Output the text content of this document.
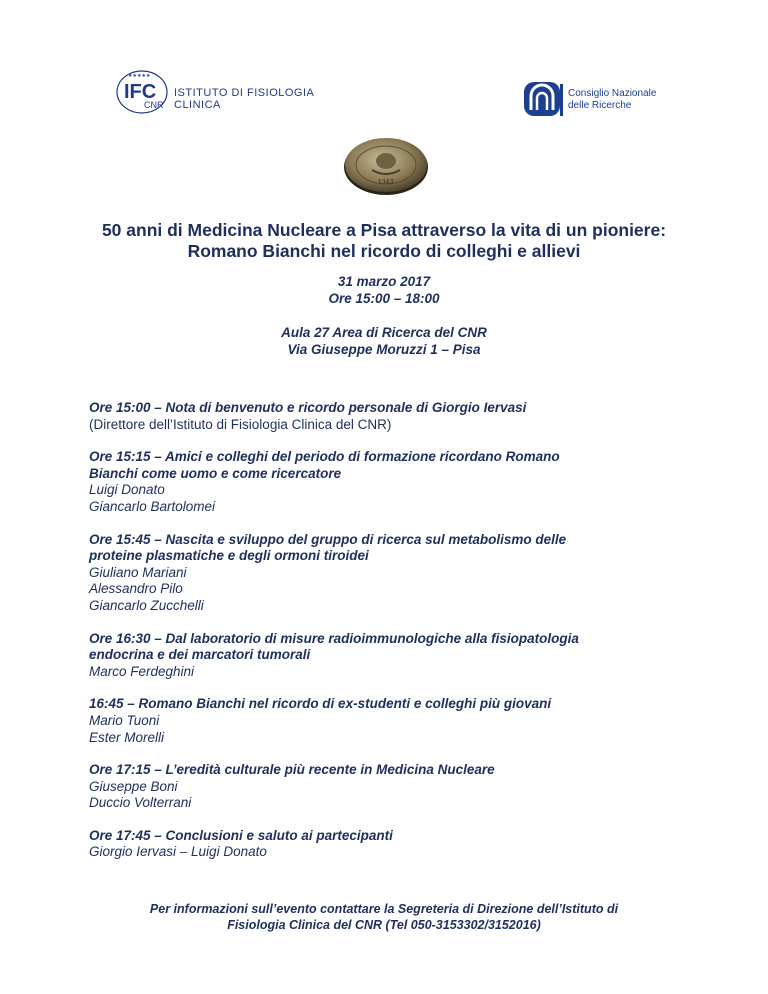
★★★★★
IFC
CNR
ISTITUTO DI FISIOLOGIA
CLINICA
Consiglio Nazionale
delle Ricerche
1343
50 anni di Medicina Nucleare a Pisa attraverso la vita di un pioniere:
Romano Bianchi nel ricordo di colleghi e allievi
31 marzo 2017
Ore 15:00 – 18:00
Aula 27 Area di Ricerca del CNR
Via Giuseppe Moruzzi 1 – Pisa
Ore 15:00 – Nota di benvenuto e ricordo personale di Giorgio Iervasi
(Direttore dell’Istituto di Fisiologia Clinica del CNR)
Ore 15:15 – Amici e colleghi del periodo di formazione ricordano Romano
Bianchi come uomo e come ricercatore
Luigi Donato
Giancarlo Bartolomei
Ore 15:45 – Nascita e sviluppo del gruppo di ricerca sul metabolismo delle
proteine plasmatiche e degli ormoni tiroidei
Giuliano Mariani
Alessandro Pilo
Giancarlo Zucchelli
Ore 16:30 – Dal laboratorio di misure radioimmunologiche alla fisiopatologia
endocrina e dei marcatori tumorali
Marco Ferdeghini
16:45 – Romano Bianchi nel ricordo di ex-studenti e colleghi più giovani
Mario Tuoni
Ester Morelli
Ore 17:15 – L’eredità culturale più recente in Medicina Nucleare
Giuseppe Boni
Duccio Volterrani
Ore 17:45 – Conclusioni e saluto ai partecipanti
Giorgio Iervasi – Luigi Donato
Per informazioni sull’evento contattare la Segreteria di Direzione dell’Istituto di
Fisiologia Clinica del CNR (Tel 050-3153302/3152016)
